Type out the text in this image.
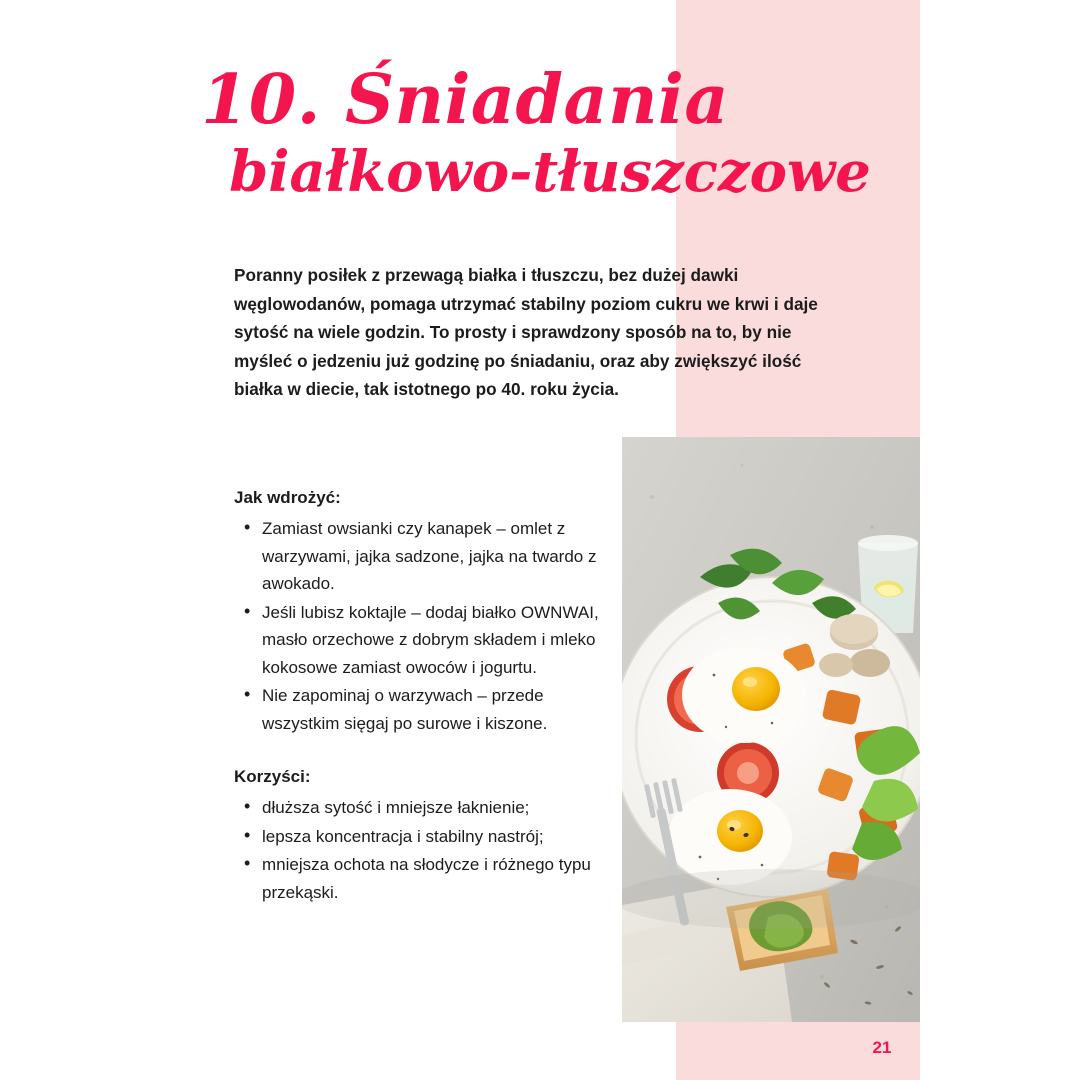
10. Śniadania
białkowo-tłuszczowe

Poranny posiłek z przewagą białka i tłuszczu, bez dużej dawki węglowodanów, pomaga utrzymać stabilny poziom cukru we krwi i daje sytość na wiele godzin. To prosty i sprawdzony sposób na to, by nie myśleć o jedzeniu już godzinę po śniadaniu, oraz aby zwiększyć ilość białka w diecie, tak istotnego po 40. roku życia.

Jak wdrożyć:
• Zamiast owsianki czy kanapek – omlet z warzywami, jajka sadzone, jajka na twardo z awokado.
• Jeśli lubisz koktajle – dodaj białko OWNWAI, masło orzechowe z dobrym składem i mleko kokosowe zamiast owoców i jogurtu.
• Nie zapominaj o warzywach – przede wszystkim sięgaj po surowe i kiszone.
Korzyści:
• dłuższa sytość i mniejsze łaknienie;
• lepsza koncentracja i stabilny nastrój;
• mniejsza ochota na słodycze i różnego typu przekąski.
21
